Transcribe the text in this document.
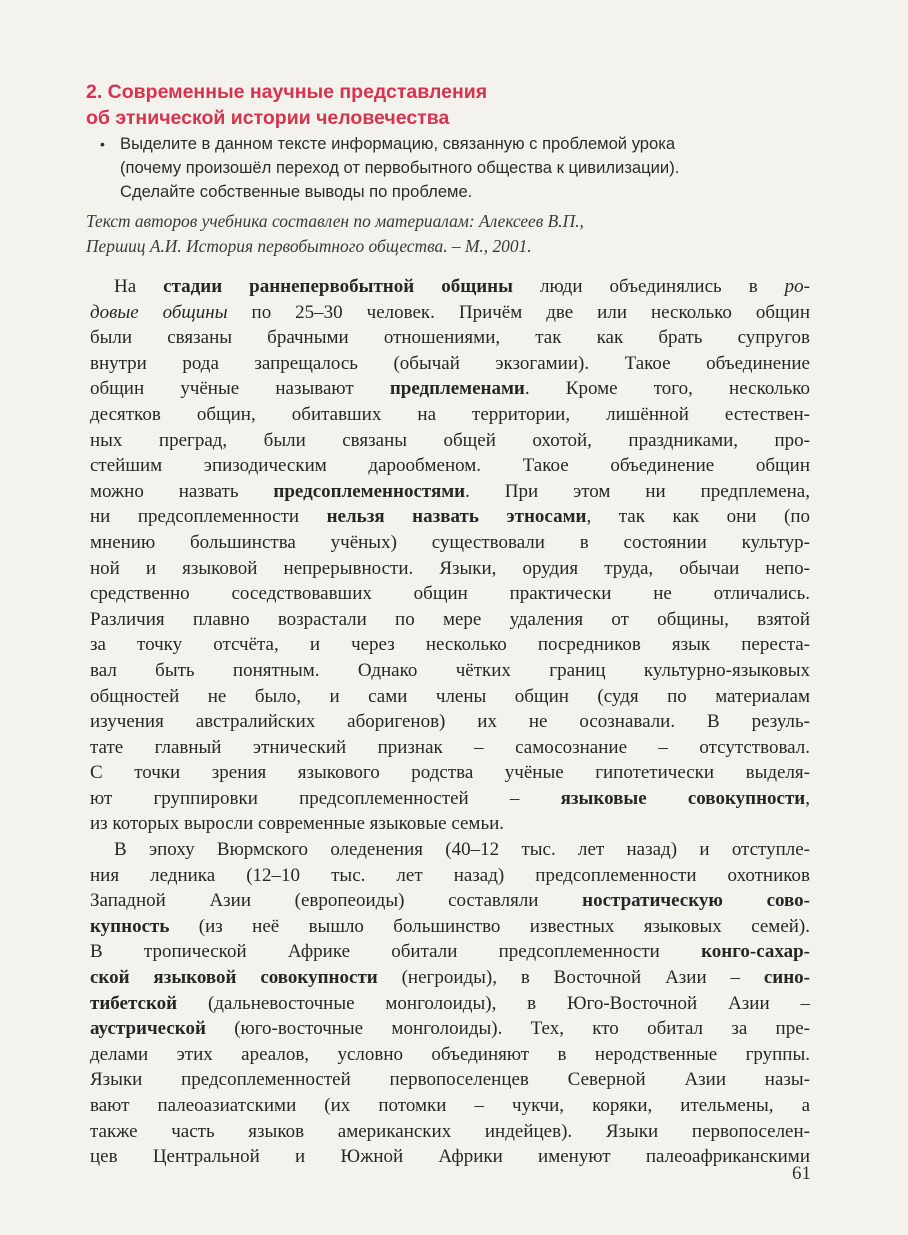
2. Современные научные представления
об этнической истории человечества
• Выделите в данном тексте информацию, связанную с проблемой урока
(почему произошёл переход от первобытного общества к цивилизации).
Сделайте собственные выводы по проблеме.
Текст авторов учебника составлен по материалам: Алексеев В.П.,
Першиц А.И. История первобытного общества. – М., 2001.
На стадии раннепервобытной общины люди объединялись в ро-
довые общины по 25–30 человек. Причём две или несколько общин
были связаны брачными отношениями, так как брать супругов
внутри рода запрещалось (обычай экзогамии). Такое объединение
общин учёные называют предплеменами. Кроме того, несколько
десятков общин, обитавших на территории, лишённой естествен-
ных преград, были связаны общей охотой, праздниками, про-
стейшим эпизодическим дарообменом. Такое объединение общин
можно назвать предсоплеменностями. При этом ни предплемена,
ни предсоплеменности нельзя назвать этносами, так как они (по
мнению большинства учёных) существовали в состоянии культур-
ной и языковой непрерывности. Языки, орудия труда, обычаи непо-
средственно соседствовавших общин практически не отличались.
Различия плавно возрастали по мере удаления от общины, взятой
за точку отсчёта, и через несколько посредников язык переста-
вал быть понятным. Однако чётких границ культурно-языковых
общностей не было, и сами члены общин (судя по материалам
изучения австралийских аборигенов) их не осознавали. В резуль-
тате главный этнический признак – самосознание – отсутствовал.
С точки зрения языкового родства учёные гипотетически выделя-
ют группировки предсоплеменностей – языковые совокупности,
из которых выросли современные языковые семьи.
В эпоху Вюрмского оледенения (40–12 тыс. лет назад) и отступле-
ния ледника (12–10 тыс. лет назад) предсоплеменности охотников
Западной Азии (европеоиды) составляли ностратическую сово-
купность (из неё вышло большинство известных языковых семей).
В тропической Африке обитали предсоплеменности конго-сахар-
ской языковой совокупности (негроиды), в Восточной Азии – сино-
тибетской (дальневосточные монголоиды), в Юго-Восточной Азии –
аустрической (юго-восточные монголоиды). Тех, кто обитал за пре-
делами этих ареалов, условно объединяют в неродственные группы.
Языки предсоплеменностей первопоселенцев Северной Азии назы-
вают палеоазиатскими (их потомки – чукчи, коряки, ительмены, а
также часть языков американских индейцев). Языки первопоселен-
цев Центральной и Южной Африки именуют палеоафриканскими
61
